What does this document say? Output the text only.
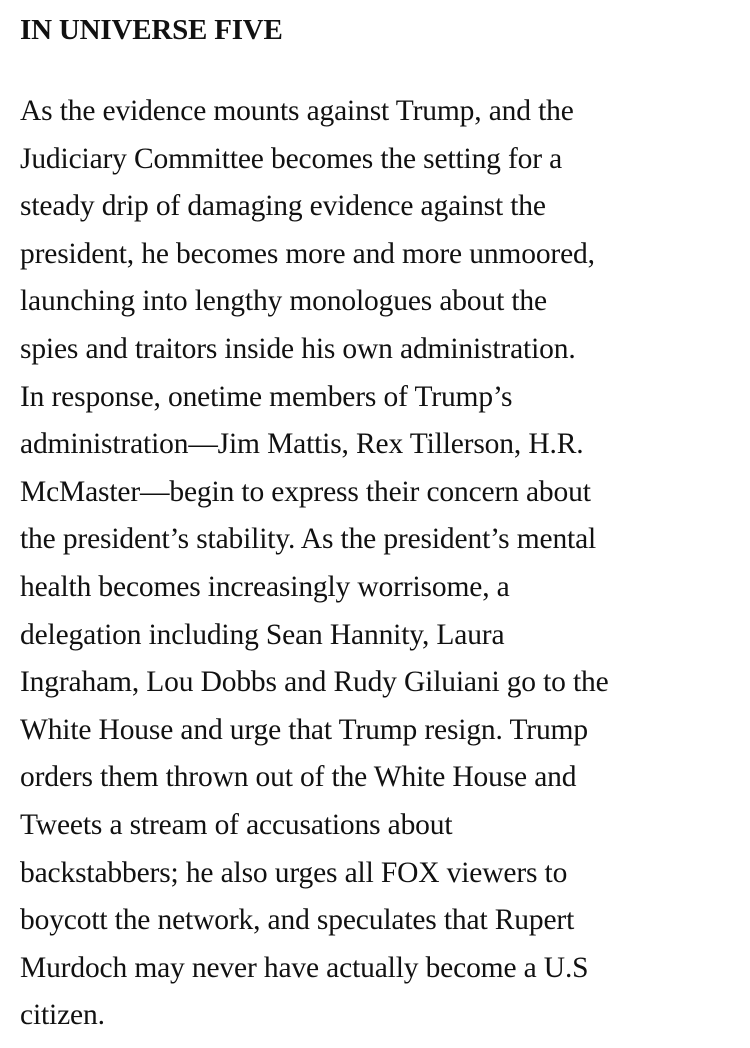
IN UNIVERSE FIVE

As the evidence mounts against Trump, and the
Judiciary Committee becomes the setting for a
steady drip of damaging evidence against the
president, he becomes more and more unmoored,
launching into lengthy monologues about the
spies and traitors inside his own administration.
In response, onetime members of Trump’s
administration—Jim Mattis, Rex Tillerson, H.R.
McMaster—begin to express their concern about
the president’s stability. As the president’s mental
health becomes increasingly worrisome, a
delegation including Sean Hannity, Laura
Ingraham, Lou Dobbs and Rudy Giluiani go to the
White House and urge that Trump resign. Trump
orders them thrown out of the White House and
Tweets a stream of accusations about
backstabbers; he also urges all FOX viewers to
boycott the network, and speculates that Rupert
Murdoch may never have actually become a U.S
citizen.
